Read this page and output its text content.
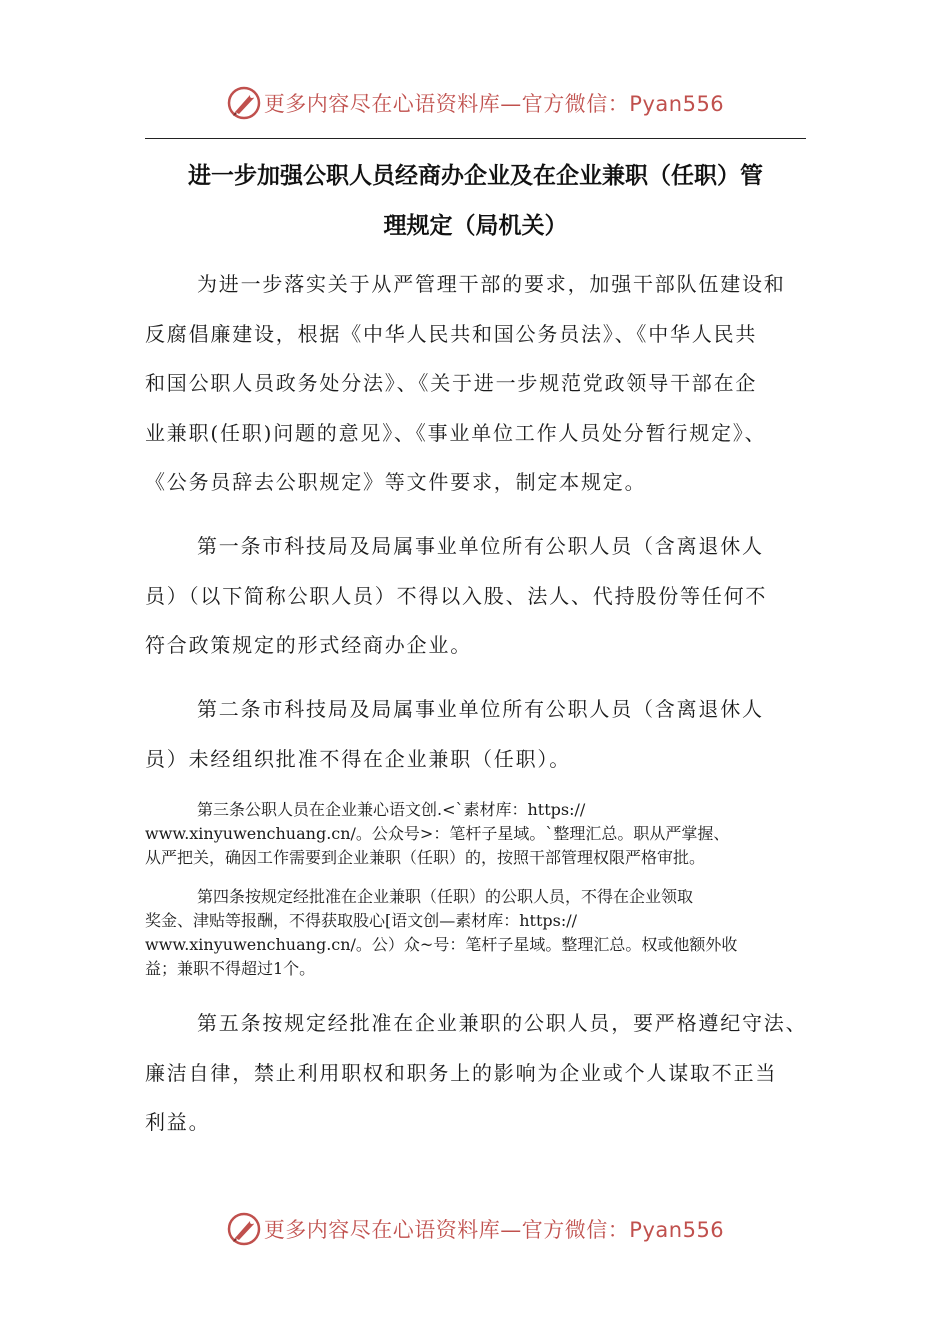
更多内容尽在心语资料库—官方微信：Pyan556
进一步加强公职人员经商办企业及在企业兼职（任职）管
理规定（局机关）
为进一步落实关于从严管理干部的要求，加强干部队伍建设和
反腐倡廉建设，根据《中华人民共和国公务员法》、《中华人民共
和国公职人员政务处分法》、《关于进一步规范党政领导干部在企
业兼职(任职)问题的意见》、《事业单位工作人员处分暂行规定》、
《公务员辞去公职规定》等文件要求，制定本规定。
第一条市科技局及局属事业单位所有公职人员（含离退休人
员）（以下简称公职人员）不得以入股、法人、代持股份等任何不
符合政策规定的形式经商办企业。
第二条市科技局及局属事业单位所有公职人员（含离退休人
员）未经组织批准不得在企业兼职（任职）。
第三条公职人员在企业兼心语文创.<`素材库：https://
www.xinyuwenchuang.cn/。公众号>：笔杆子星域。`整理汇总。职从严掌握、
从严把关，确因工作需要到企业兼职（任职）的，按照干部管理权限严格审批。
第四条按规定经批准在企业兼职（任职）的公职人员，不得在企业领取
奖金、津贴等报酬，不得获取股心[语文创—素材库：https://
www.xinyuwenchuang.cn/。公）众~号：笔杆子星域。整理汇总。权或他额外收
益；兼职不得超过1个。
第五条按规定经批准在企业兼职的公职人员，要严格遵纪守法、
廉洁自律，禁止利用职权和职务上的影响为企业或个人谋取不正当
利益。
更多内容尽在心语资料库—官方微信：Pyan556
